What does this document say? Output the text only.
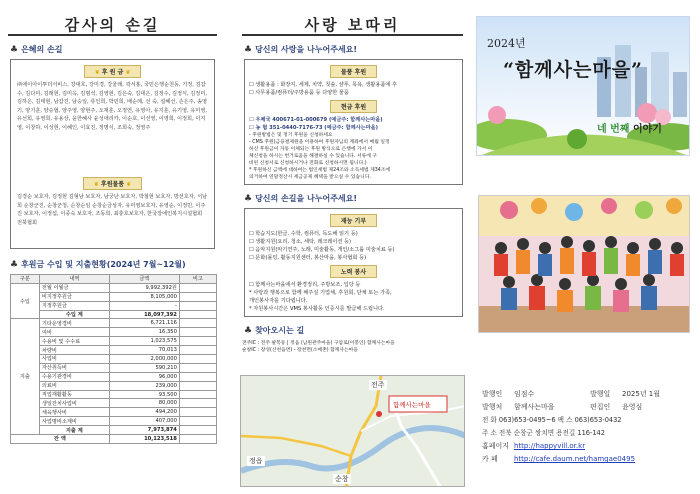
감사의 손길
♣ 은혜의 손길
❦ 후 원 금 ❦
㈜에이아이투더서비스, 강대호, 강미경, 강울래, 곽서홍, 국민은행순천동, 기정, 김갑수, 김다미, 김래현, 김미옥, 김범석, 김영현, 김은숙, 김대은, 김정수, 김정식, 김정미, 김하은, 김태현, 남갑진, 남승일, 류인희, 박민희, 배순례, 선 숙, 설혜선, 손은주, 송영기, 양기훈, 양승협, 양주영, 양현주, 오재훈, 오정연, 유영아, 유지훈, 유기영, 유미영, 유선희, 유영희, 유용상, 윤한혜사 윤성애리카, 이순호, 이선영, 이영희, 이정희, 이지영, 이창하, 이성현, 이혜인, 이효진, 정명식, 조희숙, 정영주
❦ 후원물품 ❦
김경순 보호자, 김정현 김형남 보호자, 남궁난 보호자, 박철현 보호자, 방선호자, 서남희 순창군진, 순창군청, 순창순임 순창순금상자, 유미영보호자, 유영순, 이정민, 이주진 보호자, 이정섭, 이종숙 보호자, 조동희, 최충호보호자, 한국장애인복지시설협회 전북협회
♣ 후원금 수입 및 지출현황(2024년 7월~12월)
구분	내역	금액	비고
수입	전월 이월금	9,992,392원	
	비지정후원금	8,105,000	
	지정후원금	-	
	수입 계	18,097,392	
지출	기타운영경비	6,721,116	
	여비	16,350	
	수용비 및 수수료	1,023,575	
	차량비	70,013	
	사업비	2,000,000	
	자산취득비	590,210	
	수용기관경비	96,000	
	의료비	239,000	
	직업재활활동	93,500	
	생일잔치사업비	80,000	
	체육행사비	494,200	
	사업명비소계비	407,000	
	지출 계	7,973,874	
잔 액		10,123,518	
사랑 보따리
♣ 당신의 사랑을 나누어주세요!
물품 후원
☐ 생활용품 : 화장지, 세제, 치약, 칫솔, 샴푸, 목욕, 생활용품에 후
☐ 사무용품/컴퓨터/주방용품 등 다양한 물품
현금 후원
☐ 우체국 400671-01-000679 (예금주: 함께사는마을)
☐ 농 협 351-0440-7176-73 (예금주: 함께사는마을)
- 후원방법은 및 정기 후원을 신청하세요
- CMS 후원(금융결제원을 이용하여 후원자님의 계좌에서 매월 일정
하신 후원금이 자동 이체되는 후원 방식으로 은행에 가서 이
체신청을 하시는 번거로움을 해결하실 수 있습니다. 서류에 구
비된 신청서로 신청하시거나 전화로 신청하시면 됩니다.)
* 후원하신 금액에 대하여는 법인세법 제24조와 소득세법 제34조에
의거하여 연말정산시 세금공제 혜택을 받으실 수 있습니다.
♣ 당신의 손길을 나누어주세요!
재능 기부
☐ 학습지도(한글, 수학, 컴퓨터, 독도해 읽기 등)
☐ 생활지원(요리, 청소, 세탁, 레크레이션 등)
☐ 음악지원(악기연주, 노래, 미술활동, 개인/소그룹 미술치료 등)
☐ 문화(몰링, 활동지원센터, 봉산마을, 봉사협회 등)
노력 봉사
☐ 함께사는마을에서 환경정리, 주방보조, 입당 등
* 사랑과 행복으로 함께 해주실 기업체, 후원회, 단체 또는 가족,
개인봉사자를 기다립니다.
* 자원봉사시간은 VMS 봉사활동 인증시를 발급해 드립니다.
♣ 찾아오시는 길
전주IC : 전주 팔복동 | 정읍 (남원관주마을) 구암로(이봉인) 함께사는마을
순창IC : 장성(산천읍면) - 장천면(소매촌) 함께사는마을
전주
함께사는마을
정읍
순창
2024년
“함께사는마을”
네 번째 이야기
발행인	임점수	발행일	2025년 1월
발행처	함께사는마을	편집인	윤영심
전 화 063)653-0495~6 팩 스 063)653-0432
주 소 전북 순창군 쌍치면 용전길 116-142
홈페이지 http://happyvill.or.kr
카 페	http://cafe.daum.net/hamgae0495
